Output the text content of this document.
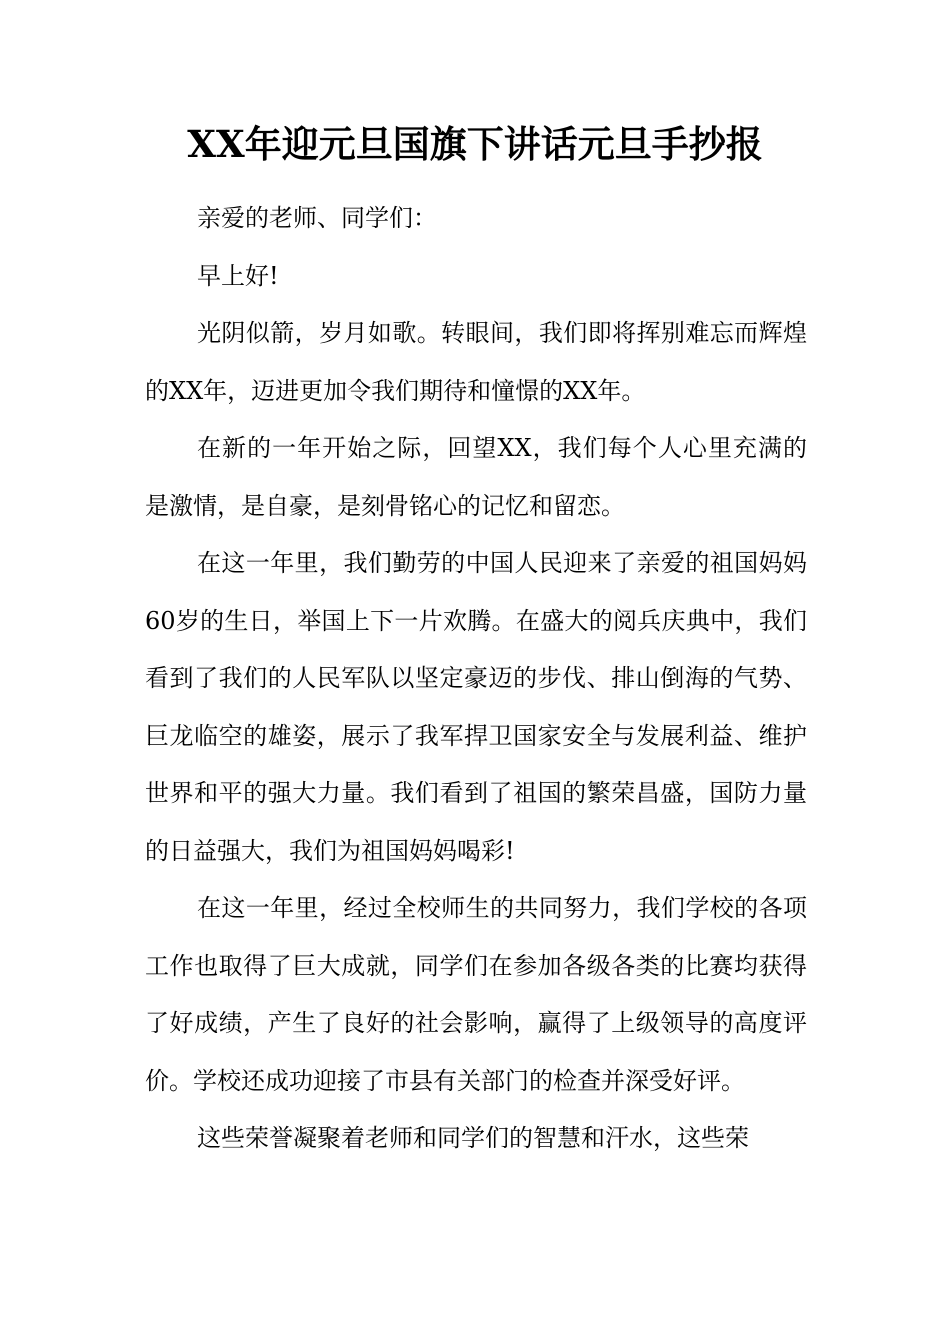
XX年迎元旦国旗下讲话元旦手抄报

亲爱的老师、同学们：

早上好!

光阴似箭，岁月如歌。转眼间，我们即将挥别难忘而辉煌的XX年，迈进更加令我们期待和憧憬的XX年。

在新的一年开始之际，回望XX，我们每个人心里充满的是激情，是自豪，是刻骨铭心的记忆和留恋。

在这一年里，我们勤劳的中国人民迎来了亲爱的祖国妈妈60岁的生日，举国上下一片欢腾。在盛大的阅兵庆典中，我们看到了我们的人民军队以坚定豪迈的步伐、排山倒海的气势、巨龙临空的雄姿，展示了我军捍卫国家安全与发展利益、维护世界和平的强大力量。我们看到了祖国的繁荣昌盛，国防力量的日益强大，我们为祖国妈妈喝彩!

在这一年里，经过全校师生的共同努力，我们学校的各项工作也取得了巨大成就，同学们在参加各级各类的比赛均获得了好成绩，产生了良好的社会影响，赢得了上级领导的高度评价。学校还成功迎接了市县有关部门的检查并深受好评。

这些荣誉凝聚着老师和同学们的智慧和汗水，这些荣
